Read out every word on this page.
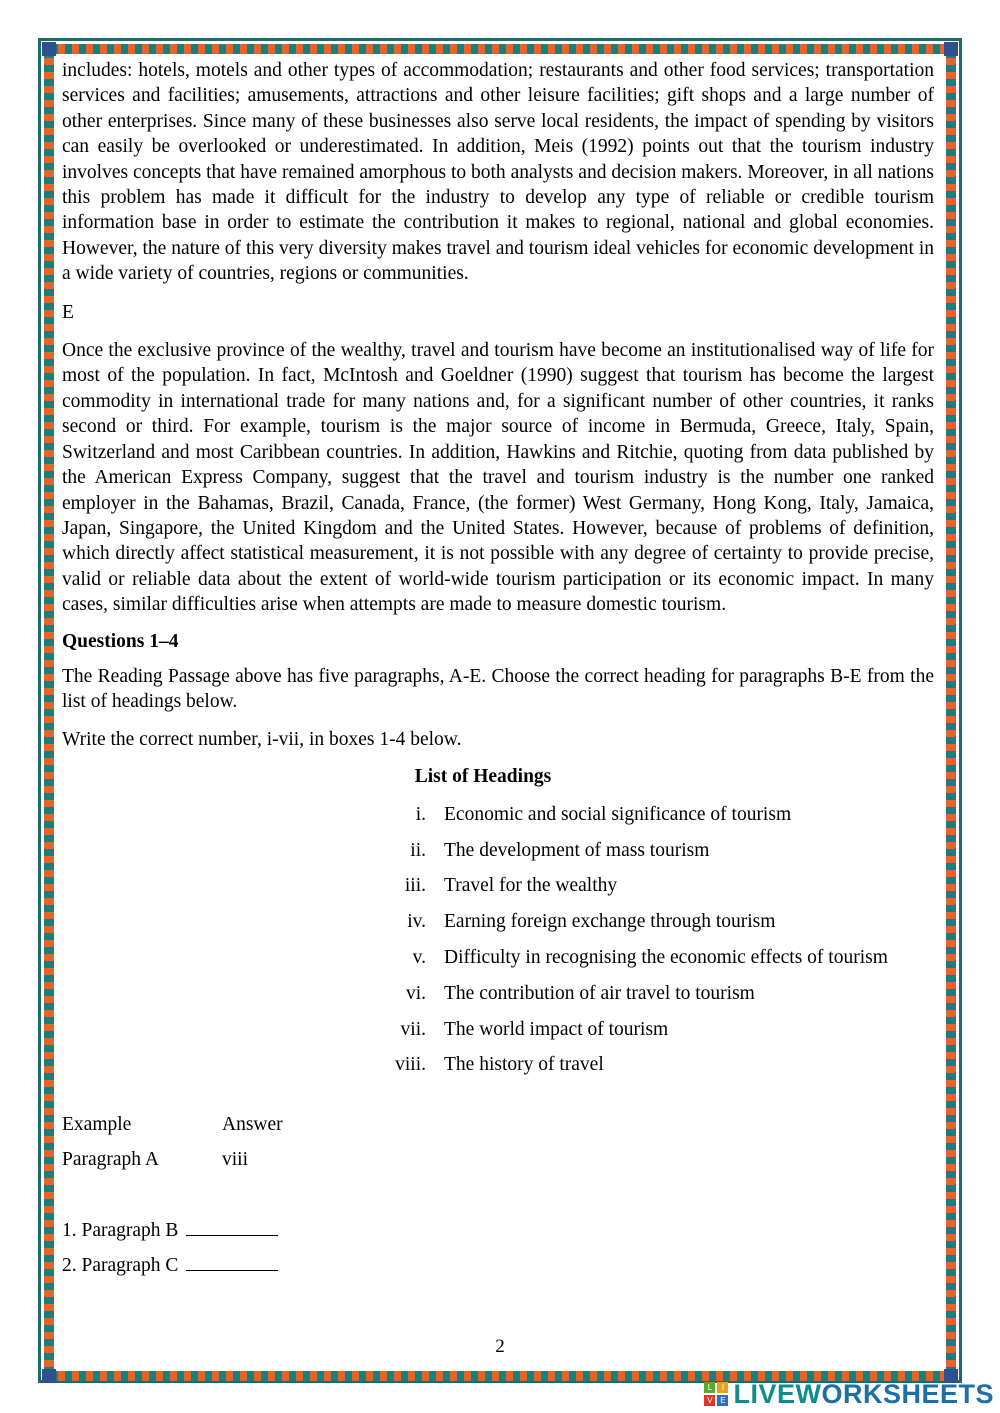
includes: hotels, motels and other types of accommodation; restaurants and other food services; transportation services and facilities; amusements, attractions and other leisure facilities; gift shops and a large number of other enterprises. Since many of these businesses also serve local residents, the impact of spending by visitors can easily be overlooked or underestimated. In addition, Meis (1992) points out that the tourism industry involves concepts that have remained amorphous to both analysts and decision makers. Moreover, in all nations this problem has made it difficult for the industry to develop any type of reliable or credible tourism information base in order to estimate the contribution it makes to regional, national and global economies. However, the nature of this very diversity makes travel and tourism ideal vehicles for economic development in a wide variety of countries, regions or communities.

E

Once the exclusive province of the wealthy, travel and tourism have become an institutionalised way of life for most of the population. In fact, McIntosh and Goeldner (1990) suggest that tourism has become the largest commodity in international trade for many nations and, for a significant number of other countries, it ranks second or third. For example, tourism is the major source of income in Bermuda, Greece, Italy, Spain, Switzerland and most Caribbean countries. In addition, Hawkins and Ritchie, quoting from data published by the American Express Company, suggest that the travel and tourism industry is the number one ranked employer in the Bahamas, Brazil, Canada, France, (the former) West Germany, Hong Kong, Italy, Jamaica, Japan, Singapore, the United Kingdom and the United States. However, because of problems of definition, which directly affect statistical measurement, it is not possible with any degree of certainty to provide precise, valid or reliable data about the extent of world-wide tourism participation or its economic impact. In many cases, similar difficulties arise when attempts are made to measure domestic tourism.

Questions 1–4

The Reading Passage above has five paragraphs, A-E. Choose the correct heading for paragraphs B-E from the list of headings below.

Write the correct number, i-vii, in boxes 1-4 below.

List of Headings
i. Economic and social significance of tourism
ii. The development of mass tourism
iii. Travel for the wealthy
iv. Earning foreign exchange through tourism
v. Difficulty in recognising the economic effects of tourism
vi. The contribution of air travel to tourism
vii. The world impact of tourism
viii. The history of travel
Example	Answer
Paragraph A	viii
1. Paragraph B
2. Paragraph C
2
L	I
V E LIVEWORKSHEETS
